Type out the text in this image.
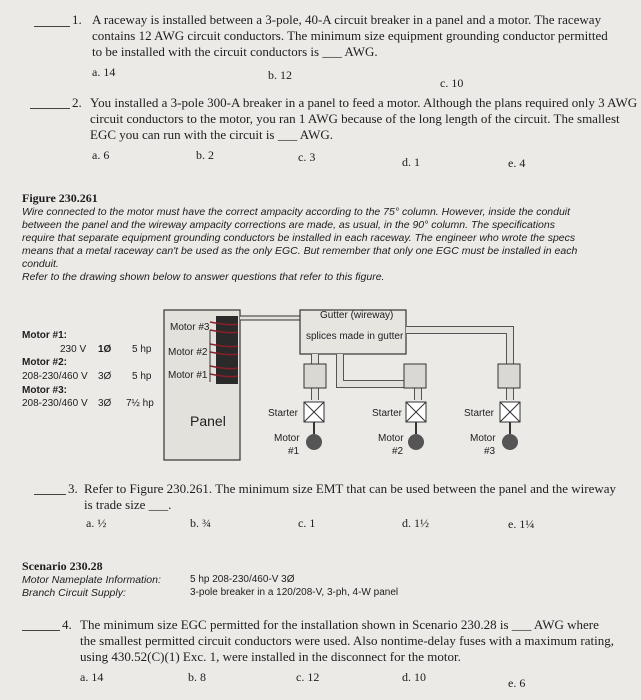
1. A raceway is installed between a 3-pole, 40-A circuit breaker in a panel and a motor. The raceway
contains 12 AWG circuit conductors. The minimum size equipment grounding conductor permitted
to be installed with the circuit conductors is ___ AWG.
a. 14	b. 12
c. 10
2. You installed a 3-pole 300-A breaker in a panel to feed a motor. Although the plans required only 3 AWG
circuit conductors to the motor, you ran 1 AWG because of the long length of the circuit. The smallest
EGC you can run with the circuit is ___ AWG.
a. 6	b. 2	c. 3	d. 1	e. 4
Figure 230.261
Wire connected to the motor must have the correct ampacity according to the 75° column. However, inside the conduit
between the panel and the wireway ampacity corrections are made, as usual, in the 90° column. The specifications
require that separate equipment grounding conductors be installed in each raceway. The engineer who wrote the specs
means that a metal raceway can't be used as the only EGC. But remember that only one EGC must be installed in each
conduit.
Refer to the drawing shown below to answer questions that refer to this figure.
Motor #1:
230 V 1Ø 5 hp
Motor #2:
208-230/460 V 3Ø 5 hp
Motor #3:
208-230/460 V 3Ø 7½ hp
Motor #3
Motor #2
Motor #1
Panel
Gutter (wireway)
splices made in gutter
Starter	Starter	Starter
Motor
#1
Motor
#2
Motor
#3
3. Refer to Figure 230.261. The minimum size EMT that can be used between the panel and the wireway
is trade size ___.
a. ½	b. ¾	c. 1	d. 1½	e. 1¼
Scenario 230.28
Motor Nameplate Information:	5 hp 208-230/460-V 3Ø
Branch Circuit Supply:	3-pole breaker in a 120/208-V, 3-ph, 4-W panel
4. The minimum size EGC permitted for the installation shown in Scenario 230.28 is ___ AWG where
the smallest permitted circuit conductors were used. Also nontime-delay fuses with a maximum rating,
using 430.52(C)(1) Exc. 1, were installed in the disconnect for the motor.
a. 14	b. 8	c. 12	d. 10	e. 6
